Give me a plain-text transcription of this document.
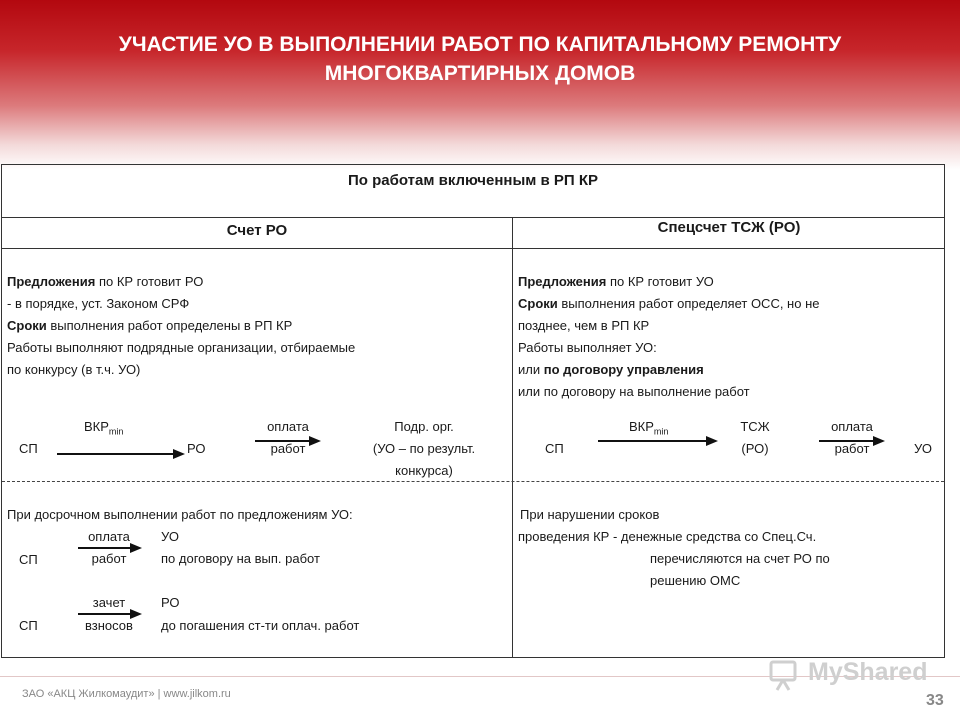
УЧАСТИЕ УО В ВЫПОЛНЕНИИ РАБОТ ПО КАПИТАЛЬНОМУ РЕМОНТУ
МНОГОКВАРТИРНЫХ ДОМОВ
По работам включенным в РП КР
Счет РО	Спецсчет ТСЖ (РО)
Предложения по КР готовит РО
- в порядке, уст. Законом СРФ
Сроки выполнения работ определены в РП КР
Работы выполняют подрядные организации, отбираемые
по конкурсу (в т.ч. УО)
$ВКР_{min}$
СП	РО
оплата
работ
Подр. орг.
(УО – по результ.
конкурса)
При досрочном выполнении работ по предложениям УО:
оплата
СП	работ
УО
по договору на вып. работ
зачет
СП	взносов
РО
до погашения ст-ти оплач. работ
Предложения по КР готовит УО
Сроки выполнения работ определяет ОСС, но не
позднее, чем в РП КР
Работы выполняет УО:
или по договору управления
или по договору на выполнение работ
$ВКР_{min}$
СП
ТСЖ
(РО)
оплата
работ	УО
При нарушении сроков
проведения КР - денежные средства со Спец.Сч.
перечисляются на счет РО по
решению ОМС
ЗАО «АКЦ Жилкомаудит» | www.jilkom.ru
MyShared
33
